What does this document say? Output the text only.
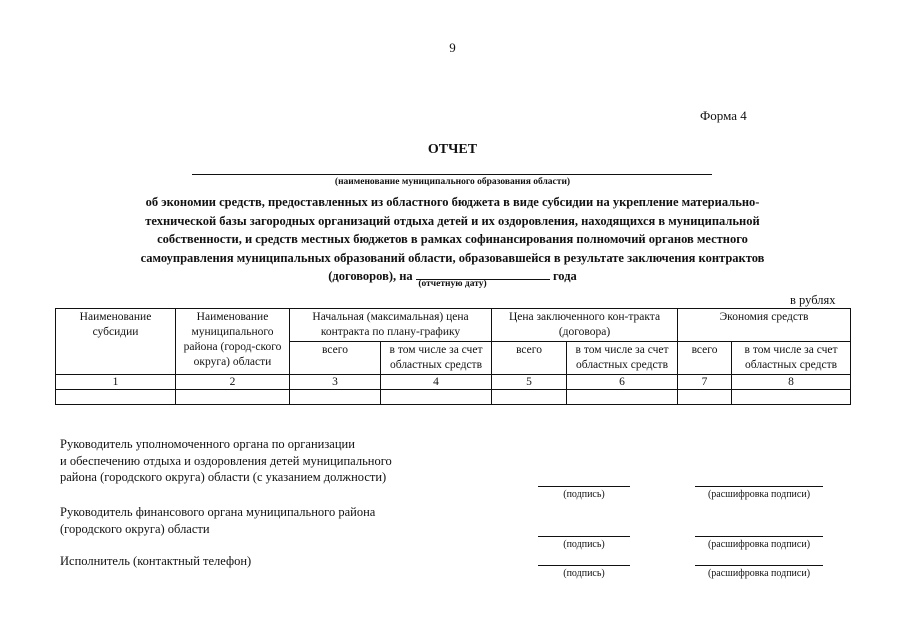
9
Форма 4
ОТЧЕТ
(наименование муниципального образования области)
об экономии средств, предоставленных из областного бюджета в виде субсидии на укрепление материально-
технической базы загородных организаций отдыха детей и их оздоровления, находящихся в муниципальной
собственности, и средств местных бюджетов в рамках софинансирования полномочий органов местного
самоуправления муниципальных образований области, образовавшейся в результате заключения контрактов
(договоров), на	года
(отчетную дату)
в рублях
Наименование субсидии	Наименование муниципального района (город-ского округа) области	Начальная (максимальная) цена контракта по плану-графику		Цена заключенного кон-тракта (договора)		Экономия средств	
		всего	в том числе за счет областных средств	всего	в том числе за счет областных средств	всего	в том числе за счет областных средств
1	2	3	4	5	6	7	8

Руководитель уполномоченного органа по организации
и обеспечению отдыха и оздоровления детей муниципального
района (городского округа) области (с указанием должности)
(подпись)	(расшифровка подписи)
Руководитель финансового органа муниципального района
(городского округа) области
(подпись)	(расшифровка подписи)
Исполнитель (контактный телефон)
(подпись)	(расшифровка подписи)
